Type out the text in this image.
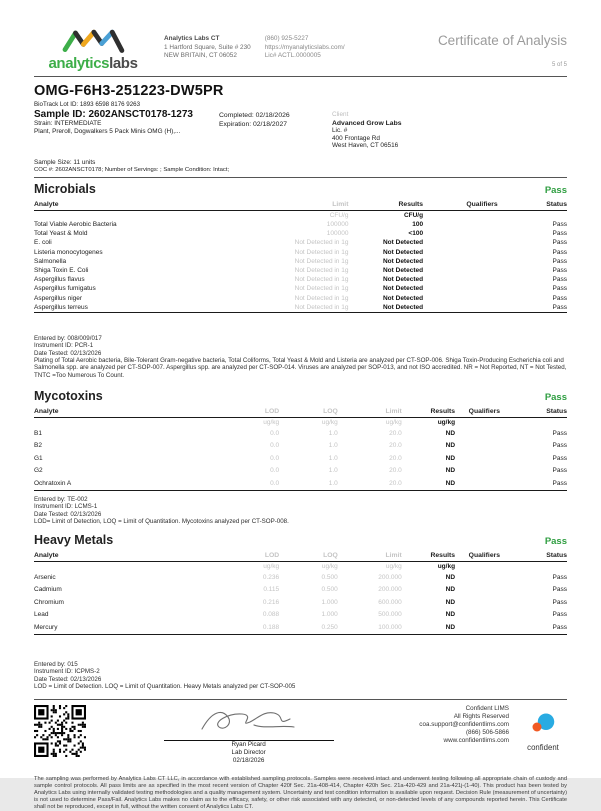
analyticslabs
Analytics Labs CT
1 Hartford Square, Suite # 230
NEW BRITAIN, CT 06052
(860) 925-5227
https://myanalyticslabs.com/
Lic# ACTL.0000005
Certificate of Analysis
5 of 5
OMG-F6H3-251223-DW5PR
BioTrack Lot ID: 1893 6598 8176 9263
Sample ID: 2602ANSCT0178-1273
Strain: INTERMEDIATE
Plant, Preroll, Dogwalkers 5 Pack Minis OMG (H),...
Completed: 02/18/2026
Expiration: 02/18/2027
Client
Advanced Grow Labs
Lic. #
400 Frontage Rd
West Haven, CT 06516
Sample Size: 11 units
COC #: 2602ANSCT0178; Number of Servings: ; Sample Condition: Intact;
Microbials	Pass
Analyte	Limit	Results	Qualifiers	Status
	CFU/g	CFU/g		
Total Viable Aerobic Bacteria	100000	100		Pass
Total Yeast & Mold	100000	<100		Pass
E. coli	Not Detected in 1g	Not Detected		Pass
Listeria monocytogenes	Not Detected in 1g	Not Detected		Pass
Salmonella	Not Detected in 1g	Not Detected		Pass
Shiga Toxin E. Coli	Not Detected in 1g	Not Detected		Pass
Aspergillus flavus	Not Detected in 1g	Not Detected		Pass
Aspergillus fumigatus	Not Detected in 1g	Not Detected		Pass
Aspergillus niger	Not Detected in 1g	Not Detected		Pass
Aspergillus terreus	Not Detected in 1g	Not Detected		Pass
Entered by: 008/009/017
Instrument ID: PCR-1
Date Tested: 02/13/2026
Plating of Total Aerobic bacteria, Bile-Tolerant Gram-negative bacteria, Total Coliforms, Total Yeast & Mold and Listeria are analyzed per CT-SOP-006. Shiga Toxin-Producing Escherichia coli and Salmonella spp. are analyzed per CT-SOP-007. Aspergillus spp. are analyzed per CT-SOP-014. Viruses are analyzed per SOP-013, and not ISO accredited. NR = Not Reported, NT = Not Tested, TNTC =Too Numerous To Count.
Mycotoxins	Pass
Analyte	LOD	LOQ	Limit	Results	Qualifiers	Status
	ug/kg	ug/kg	ug/kg	ug/kg		
B1	0.0	1.0	20.0	ND		Pass
B2	0.0	1.0	20.0	ND		Pass
G1	0.0	1.0	20.0	ND		Pass
G2	0.0	1.0	20.0	ND		Pass
Ochratoxin A	0.0	1.0	20.0	ND		Pass
Entered by: TE-002
Instrument ID: LCMS-1
Date Tested: 02/13/2026
LOD= Limit of Detection, LOQ = Limit of Quantitation. Mycotoxins analyzed per CT-SOP-008.
Heavy Metals	Pass
Analyte	LOD	LOQ	Limit	Results	Qualifiers	Status
	ug/kg	ug/kg	ug/kg	ug/kg		
Arsenic	0.236	0.500	200.000	ND		Pass
Cadmium	0.115	0.500	200.000	ND		Pass
Chromium	0.216	1.000	600.000	ND		Pass
Lead	0.088	1.000	500.000	ND		Pass
Mercury	0.188	0.250	100.000	ND		Pass
Entered by: 015
Instrument ID: ICPMS-2
Date Tested: 02/13/2026
LOD = Limit of Detection. LOQ = Limit of Quantitation. Heavy Metals analyzed per CT-SOP-005
Ryan Picard
Lab Director
02/18/2026
Confident LIMS
All Rights Reserved
coa.support@confidentlims.com
(866) 506-5866
www.confidentlims.com
confident
The sampling was performed by Analytics Labs CT LLC, in accordance with established sampling protocols. Samples were received intact and underwent testing following all appropriate chain of custody and sample control protocols. All pass limits are as specified in the most recent version of Chapter 420f Sec. 21a-408-414, Chapter 420h Sec. 21a-420-429 and 21a-421j-(1-40). This product has been tested by Analytics Labs using internally validated testing methodologies and a quality management system. Uncertainty and test condition information is available upon request. Decision Rule (measurement of uncertainty) is not used to determine Pass/Fail. Analytics Labs makes no claim as to the efficacy, safety, or other risk associated with any detected, or non-detected levels of any compounds reported herein. This Certificate shall not be reproduced, except in full, without the written consent of Analytics Labs CT.
